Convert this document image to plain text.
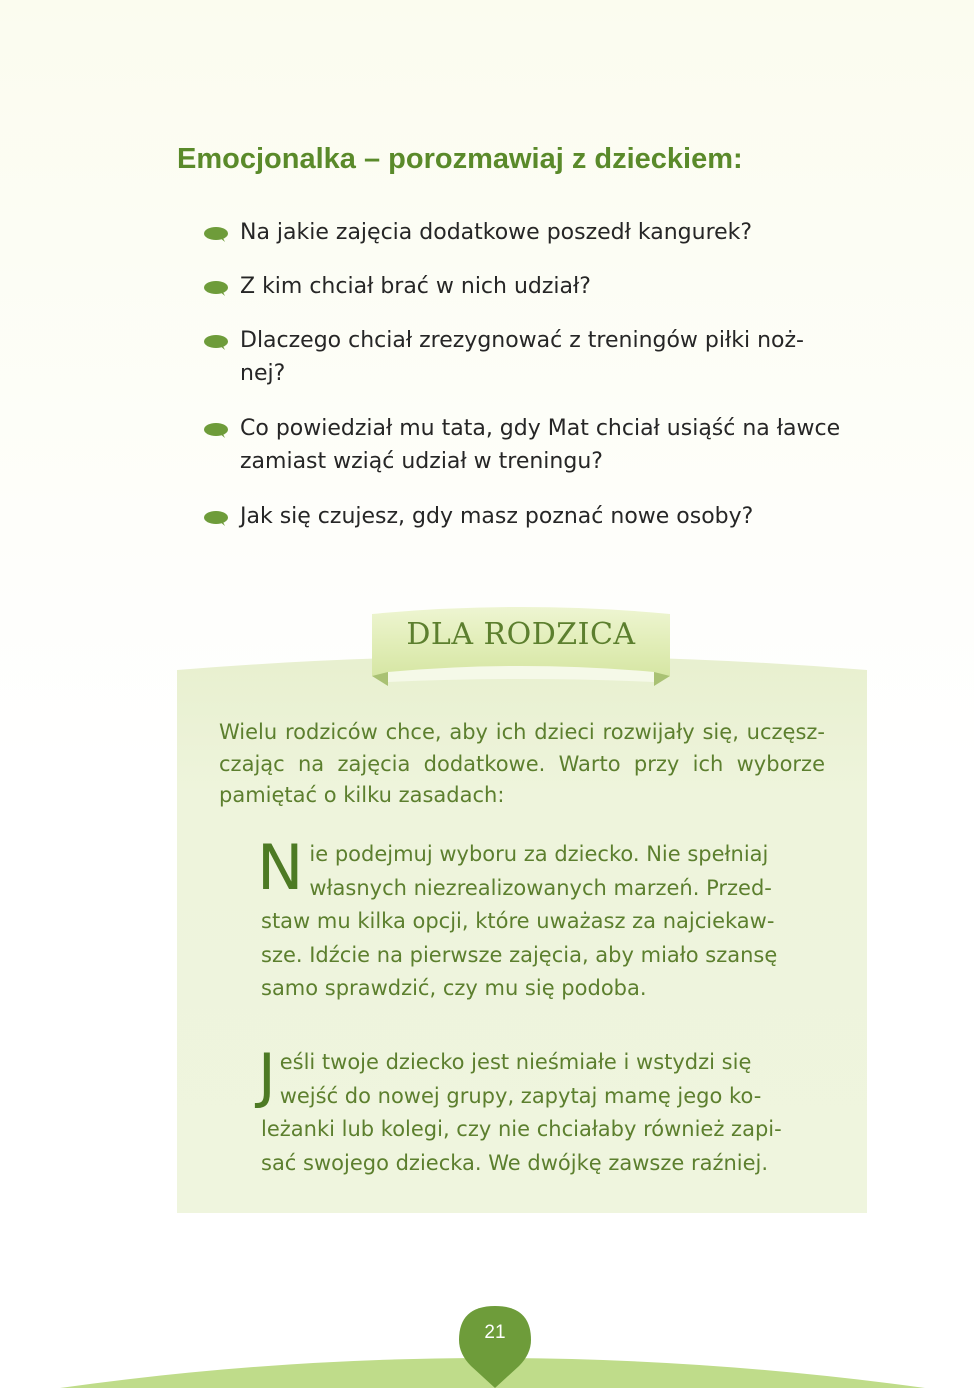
Emocjonalka – porozmawiaj z dzieckiem:
Na jakie zajęcia dodatkowe poszedł kangurek?
Z kim chciał brać w nich udział?
Dlaczego chciał zrezygnować z treningów piłki noż-nej?
Co powiedział mu tata, gdy Mat chciał usiąść na ławce zamiast wziąć udział w treningu?
Jak się czujesz, gdy masz poznać nowe osoby?
DLA RODZICA
Wielu rodziców chce, aby ich dzieci rozwijały się, uczęsz-czając na zajęcia dodatkowe. Warto przy ich wyborze pamiętać o kilku zasadach:
N ie podejmuj wyboru za dziecko. Nie spełniaj własnych niezrealizowanych marzeń. Przed-staw mu kilka opcji, które uważasz za najciekaw-sze. Idźcie na pierwsze zajęcia, aby miało szansę samo sprawdzić, czy mu się podoba.
J eśli twoje dziecko jest nieśmiałe i wstydzi się wejść do nowej grupy, zapytaj mamę jego ko-leżanki lub kolegi, czy nie chciałaby również zapi-sać swojego dziecka. We dwójkę zawsze raźniej.
21
